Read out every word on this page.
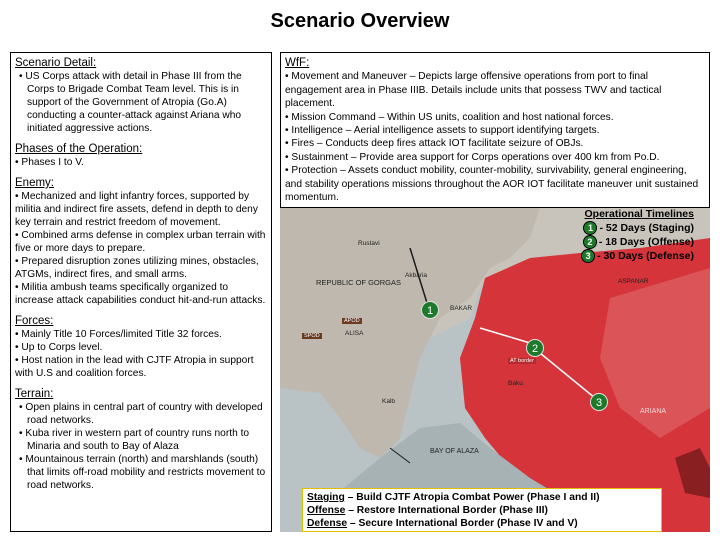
Scenario Overview
Scenario Detail:
• US Corps attack with detail in Phase III from the Corps to Brigade Combat Team level. This is in support of the Government of Atropia (Go.A) conducting a counter-attack against Ariana who initiated aggressive actions.
Phases of the Operation:
• Phases I to V.
Enemy:
• Mechanized and light infantry forces, supported by militia and indirect fire assets, defend in depth to deny key terrain and restrict freedom of movement.
• Combined arms defense in complex urban terrain with five or more days to prepare.
• Prepared disruption zones utilizing mines, obstacles, ATGMs, indirect fires, and small arms.
• Militia ambush teams specifically organized to increase attack capabilities conduct hit-and-run attacks.
Forces:
• Mainly Title 10 Forces/limited Title 32 forces.
• Up to Corps level.
• Host nation in the lead with CJTF Atropia in support with U.S and coalition forces.
Terrain:
• Open plains in central part of country with developed road networks.
• Kuba river in western part of country runs north to Minaria and south to Bay of Alaza
• Mountainous terrain (north) and marshlands (south) that limits off-road mobility and restricts movement to road networks.
WfF:
• Movement and Maneuver – Depicts large offensive operations from port to final engagement area in Phase IIIB. Details include units that possess TWV and tactical placement.
• Mission Command – Within US units, coalition and host national forces.
• Intelligence – Aerial intelligence assets to support identifying targets.
• Fires – Conducts deep fires attack IOT facilitate seizure of OBJs.
• Sustainment – Provide area support for Corps operations over 400 km from Po.D.
• Protection – Assets conduct mobility, counter-mobility, survivability, general engineering, and stability operations missions throughout the AOR IOT facilitate maneuver unit sustained momentum.
REPUBLIC OF GORGAS
ARIANA
BAY OF ALAZA
Rustavi
Akbaria
BAKAR
ASPANAR
Baku
Kalb
APOD
SPOD	ALISA
AT border
1
2
3
Operational Timelines
1 - 52 Days (Staging)
2 - 18 Days (Offense)
3 - 30 Days (Defense)
Staging – Build CJTF Atropia Combat Power (Phase I and II)
Offense – Restore International Border (Phase III)
Defense – Secure International Border (Phase IV and V)
